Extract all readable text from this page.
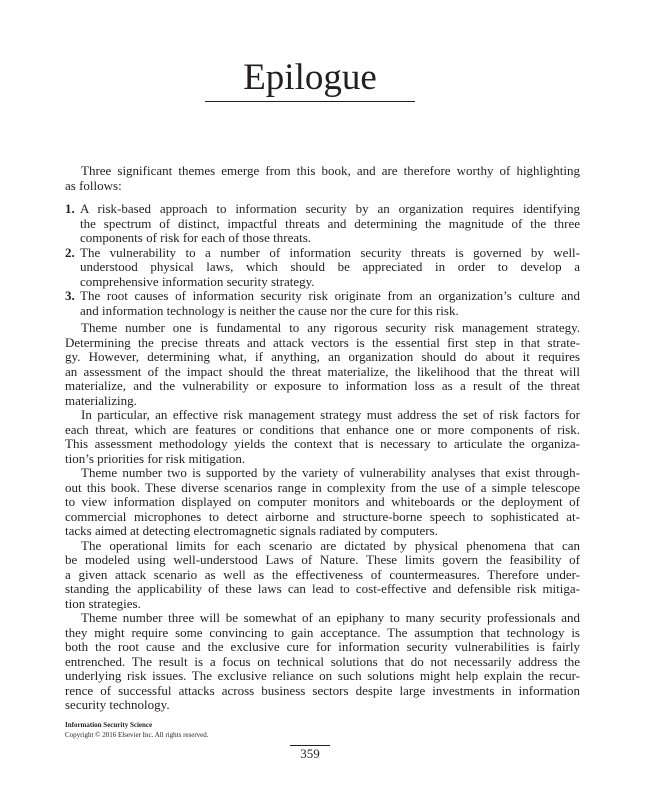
Epilogue
Three significant themes emerge from this book, and are therefore worthy of highlighting
as follows:
1. A risk-based approach to information security by an organization requires identifying
the spectrum of distinct, impactful threats and determining the magnitude of the three
components of risk for each of those threats.
2. The vulnerability to a number of information security threats is governed by well-
understood physical laws, which should be appreciated in order to develop a
comprehensive information security strategy.
3. The root causes of information security risk originate from an organization’s culture and
and information technology is neither the cause nor the cure for this risk.
Theme number one is fundamental to any rigorous security risk management strategy.
Determining the precise threats and attack vectors is the essential first step in that strate-
gy. However, determining what, if anything, an organization should do about it requires
an assessment of the impact should the threat materialize, the likelihood that the threat will
materialize, and the vulnerability or exposure to information loss as a result of the threat
materializing.
In particular, an effective risk management strategy must address the set of risk factors for
each threat, which are features or conditions that enhance one or more components of risk.
This assessment methodology yields the context that is necessary to articulate the organiza-
tion’s priorities for risk mitigation.
Theme number two is supported by the variety of vulnerability analyses that exist through-
out this book. These diverse scenarios range in complexity from the use of a simple telescope
to view information displayed on computer monitors and whiteboards or the deployment of
commercial microphones to detect airborne and structure-borne speech to sophisticated at-
tacks aimed at detecting electromagnetic signals radiated by computers.
The operational limits for each scenario are dictated by physical phenomena that can
be modeled using well-understood Laws of Nature. These limits govern the feasibility of
a given attack scenario as well as the effectiveness of countermeasures. Therefore under-
standing the applicability of these laws can lead to cost-effective and defensible risk mitiga-
tion strategies.
Theme number three will be somewhat of an epiphany to many security professionals and
they might require some convincing to gain acceptance. The assumption that technology is
both the root cause and the exclusive cure for information security vulnerabilities is fairly
entrenched. The result is a focus on technical solutions that do not necessarily address the
underlying risk issues. The exclusive reliance on such solutions might help explain the recur-
rence of successful attacks across business sectors despite large investments in information
security technology.
Information Security Science
Copyright © 2016 Elsevier Inc. All rights reserved.
359
